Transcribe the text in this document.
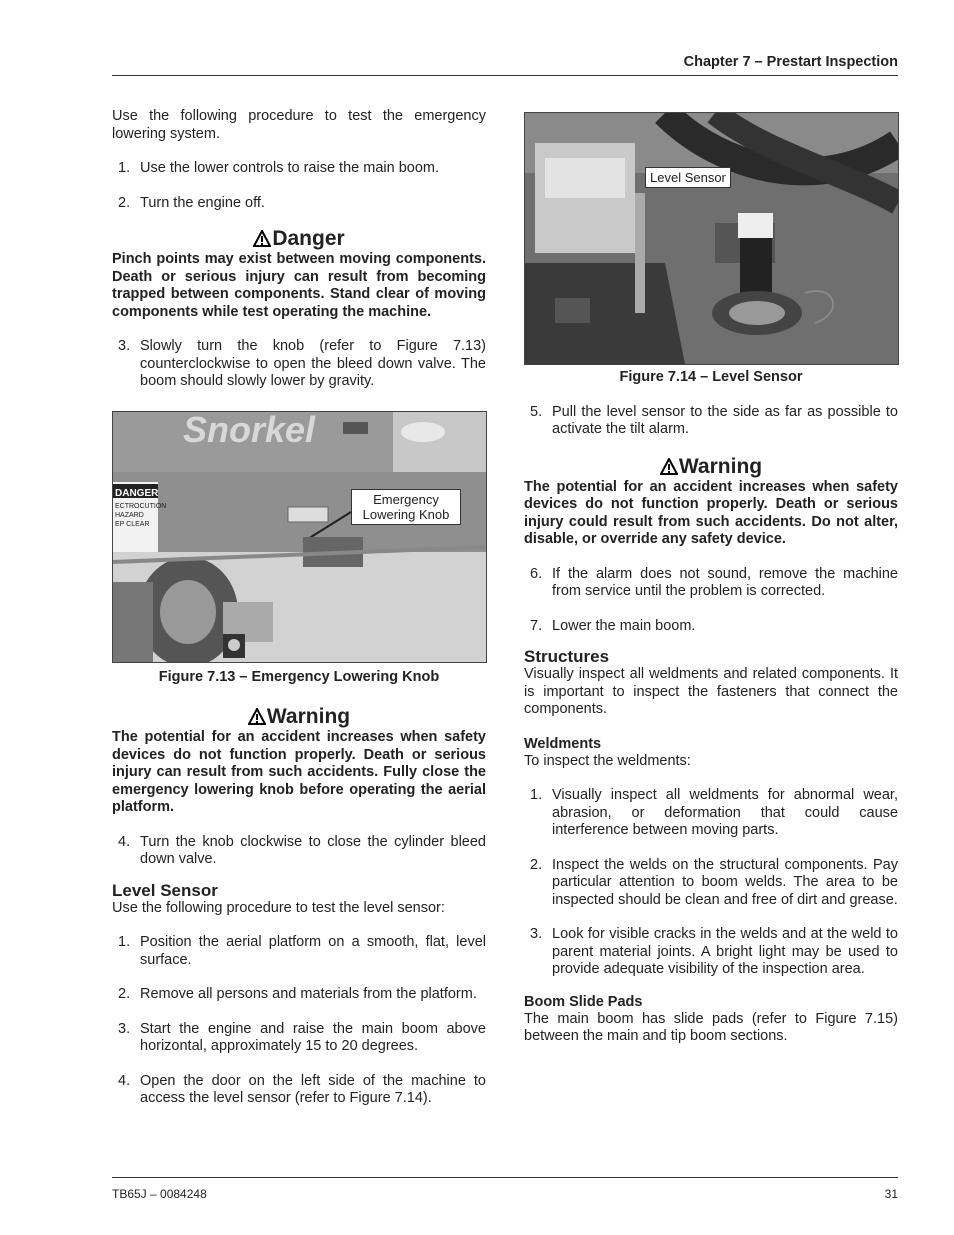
Chapter 7 – Prestart Inspection

Use the following procedure to test the emergency lowering system.

1. Use the lower controls to raise the main boom.
2. Turn the engine off.
Danger

Pinch points may exist between moving components. Death or serious injury can result from becoming trapped between components. Stand clear of moving components while test operating the machine.

3. Slowly turn the knob (refer to Figure 7.13) counterclockwise to open the bleed down valve. The boom should slowly lower by gravity.
Snorkel
DANGER
ECTROCUTION
HAZARD
EP CLEAR
Emergency Lowering Knob
Figure 7.13 – Emergency Lowering Knob
Warning

The potential for an accident increases when safety devices do not function properly. Death or serious injury can result from such accidents. Fully close the emergency lowering knob before operating the aerial platform.

4. Turn the knob clockwise to close the cylinder bleed down valve.
Level Sensor

Use the following procedure to test the level sensor:

1. Position the aerial platform on a smooth, flat, level surface.
2. Remove all persons and materials from the platform.
3. Start the engine and raise the main boom above horizontal, approximately 15 to 20 degrees.
4. Open the door on the left side of the machine to access the level sensor (refer to Figure 7.14).
Level Sensor
Figure 7.14 – Level Sensor
5. Pull the level sensor to the side as far as possible to activate the tilt alarm.
Warning

The potential for an accident increases when safety devices do not function properly. Death or serious injury could result from such accidents. Do not alter, disable, or override any safety device.

6. If the alarm does not sound, remove the machine from service until the problem is corrected.
7. Lower the main boom.
Structures

Visually inspect all weldments and related components. It is important to inspect the fasteners that connect the components.

Weldments

To inspect the weldments:

1. Visually inspect all weldments for abnormal wear, abrasion, or deformation that could cause interference between moving parts.
2. Inspect the welds on the structural components. Pay particular attention to boom welds. The area to be inspected should be clean and free of dirt and grease.
3. Look for visible cracks in the welds and at the weld to parent material joints. A bright light may be used to provide adequate visibility of the inspection area.
Boom Slide Pads

The main boom has slide pads (refer to Figure 7.15) between the main and tip boom sections.

TB65J – 0084248	31
